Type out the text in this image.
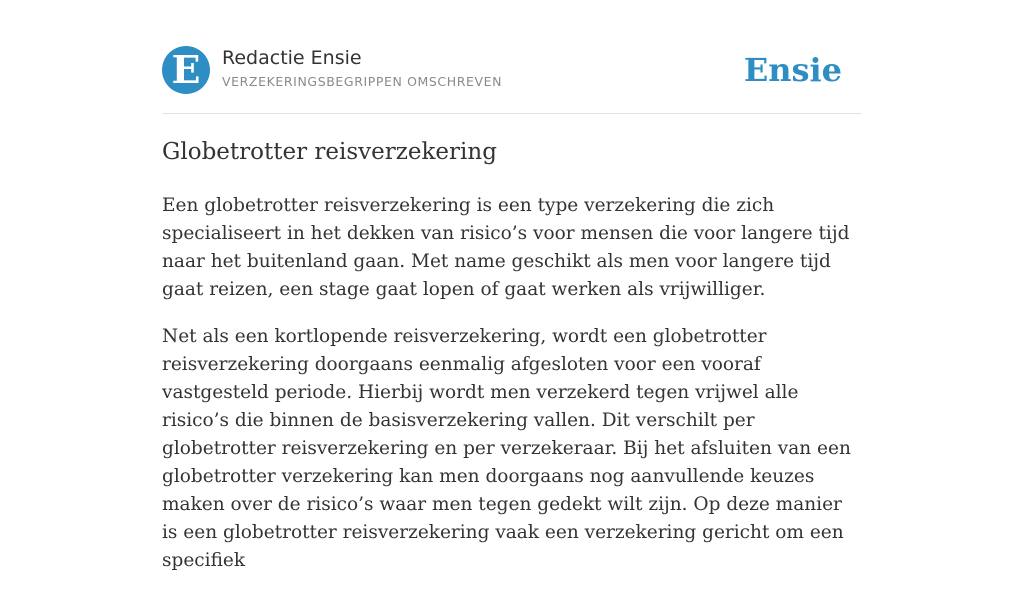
E	Redactie Ensie
VERZEKERINGSBEGRIPPEN OMSCHREVEN	Ensie
Globetrotter reisverzekering

Een globetrotter reisverzekering is een type verzekering die zich specialiseert in het dekken van risico’s voor mensen die voor langere tijd naar het buitenland gaan. Met name geschikt als men voor langere tijd gaat reizen, een stage gaat lopen of gaat werken als vrijwilliger.

Net als een kortlopende reisverzekering, wordt een globetrotter reisverzekering doorgaans eenmalig afgesloten voor een vooraf vastgesteld periode. Hierbij wordt men verzekerd tegen vrijwel alle risico’s die binnen de basisverzekering vallen. Dit verschilt per globetrotter reisverzekering en per verzekeraar. Bij het afsluiten van een globetrotter verzekering kan men doorgaans nog aanvullende keuzes maken over de risico’s waar men tegen gedekt wilt zijn. Op deze manier is een globetrotter reisverzekering vaak een verzekering gericht om een specifiek
